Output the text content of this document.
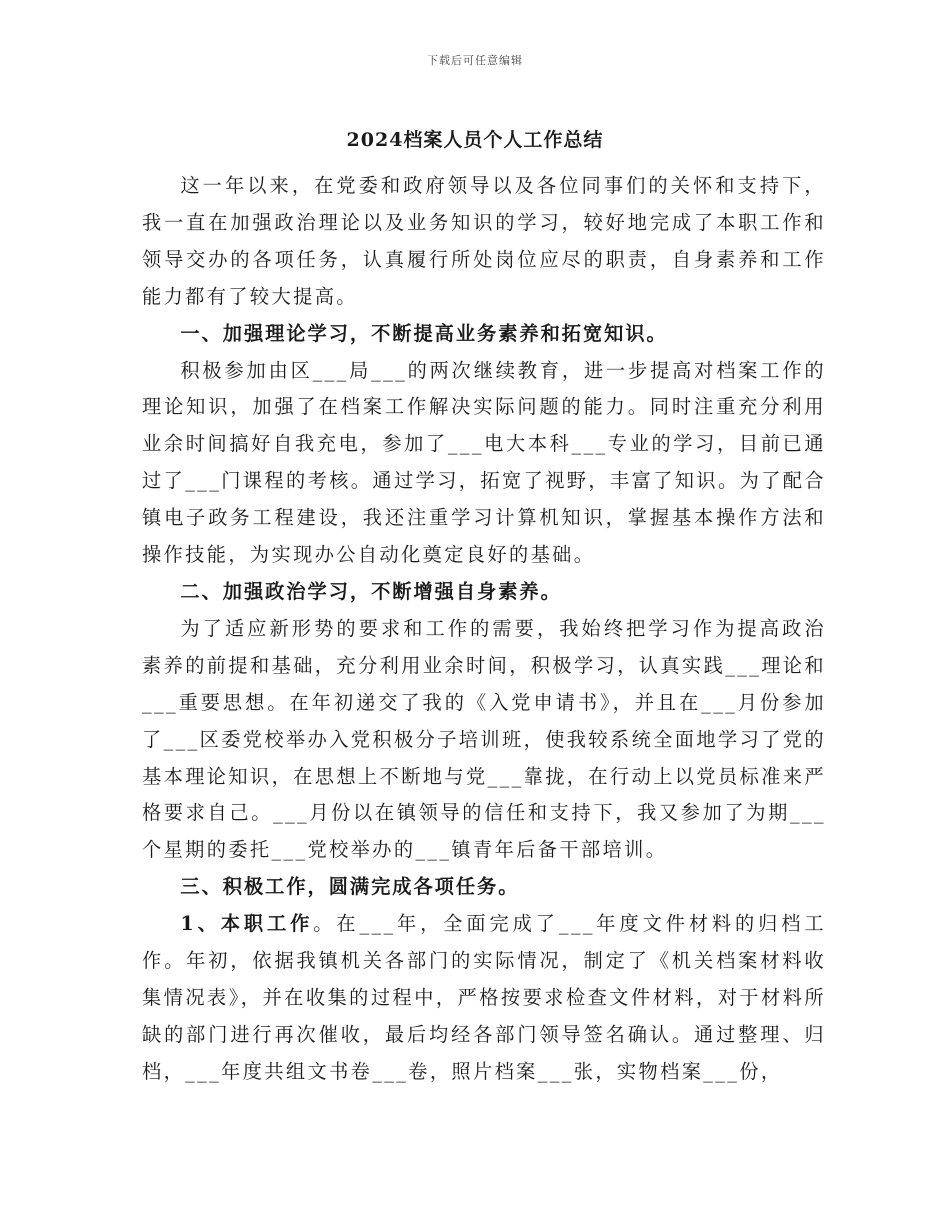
下载后可任意编辑
2024档案人员个人工作总结

这一年以来，在党委和政府领导以及各位同事们的关怀和支持下，我一直在加强政治理论以及业务知识的学习，较好地完成了本职工作和领导交办的各项任务，认真履行所处岗位应尽的职责，自身素养和工作能力都有了较大提高。

一、加强理论学习，不断提高业务素养和拓宽知识。

积极参加由区___局___的两次继续教育，进一步提高对档案工作的理论知识，加强了在档案工作解决实际问题的能力。同时注重充分利用业余时间搞好自我充电，参加了___电大本科___专业的学习，目前已通过了___门课程的考核。通过学习，拓宽了视野，丰富了知识。为了配合镇电子政务工程建设，我还注重学习计算机知识，掌握基本操作方法和操作技能，为实现办公自动化奠定良好的基础。

二、加强政治学习，不断增强自身素养。

为了适应新形势的要求和工作的需要，我始终把学习作为提高政治素养的前提和基础，充分利用业余时间，积极学习，认真实践___理论和___重要思想。在年初递交了我的《入党申请书》，并且在___月份参加了___区委党校举办入党积极分子培训班，使我较系统全面地学习了党的基本理论知识，在思想上不断地与党___靠拢，在行动上以党员标准来严格要求自己。___月份以在镇领导的信任和支持下，我又参加了为期___个星期的委托___党校举办的___镇青年后备干部培训。

三、积极工作，圆满完成各项任务。

1、本职工作。在___年，全面完成了___年度文件材料的归档工作。年初，依据我镇机关各部门的实际情况，制定了《机关档案材料收集情况表》，并在收集的过程中，严格按要求检查文件材料，对于材料所缺的部门进行再次催收，最后均经各部门领导签名确认。通过整理、归档，___年度共组文书卷___卷，照片档案___张，实物档案___份，
